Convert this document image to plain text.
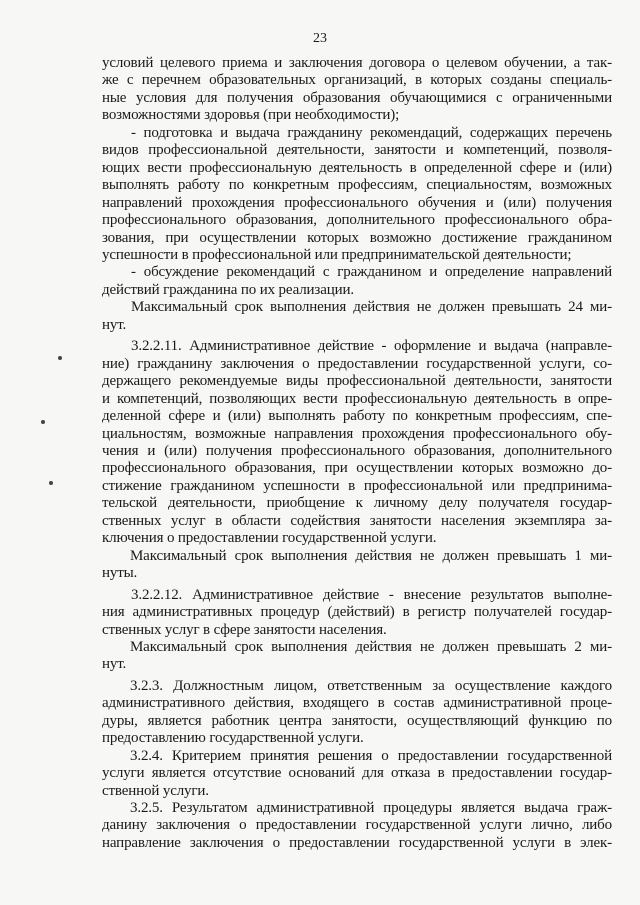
23
условий целевого приема и заключения договора о целевом обучении, а так-
же с перечнем образовательных организаций, в которых созданы специаль-
ные условия для получения образования обучающимися с ограниченными
возможностями здоровья (при необходимости);
- подготовка и выдача гражданину рекомендаций, содержащих перечень
видов профессиональной деятельности, занятости и компетенций, позволя-
ющих вести профессиональную деятельность в определенной сфере и (или)
выполнять работу по конкретным профессиям, специальностям, возможных
направлений прохождения профессионального обучения и (или) получения
профессионального образования, дополнительного профессионального обра-
зования, при осуществлении которых возможно достижение гражданином
успешности в профессиональной или предпринимательской деятельности;
- обсуждение рекомендаций с гражданином и определение направлений
действий гражданина по их реализации.
Максимальный срок выполнения действия не должен превышать 24 ми-
нут.
3.2.2.11. Административное действие - оформление и выдача (направле-
ние) гражданину заключения о предоставлении государственной услуги, со-
держащего рекомендуемые виды профессиональной деятельности, занятости
и компетенций, позволяющих вести профессиональную деятельность в опре-
деленной сфере и (или) выполнять работу по конкретным профессиям, спе-
циальностям, возможные направления прохождения профессионального обу-
чения и (или) получения профессионального образования, дополнительного
профессионального образования, при осуществлении которых возможно до-
стижение гражданином успешности в профессиональной или предпринима-
тельской деятельности, приобщение к личному делу получателя государ-
ственных услуг в области содействия занятости населения экземпляра за-
ключения о предоставлении государственной услуги.
Максимальный срок выполнения действия не должен превышать 1 ми-
нуты.
3.2.2.12. Административное действие - внесение результатов выполне-
ния административных процедур (действий) в регистр получателей государ-
ственных услуг в сфере занятости населения.
Максимальный срок выполнения действия не должен превышать 2 ми-
нут.
3.2.3. Должностным лицом, ответственным за осуществление каждого
административного действия, входящего в состав административной проце-
дуры, является работник центра занятости, осуществляющий функцию по
предоставлению государственной услуги.
3.2.4. Критерием принятия решения о предоставлении государственной
услуги является отсутствие оснований для отказа в предоставлении государ-
ственной услуги.
3.2.5. Результатом административной процедуры является выдача граж-
данину заключения о предоставлении государственной услуги лично, либо
направление заключения о предоставлении государственной услуги в элек-
